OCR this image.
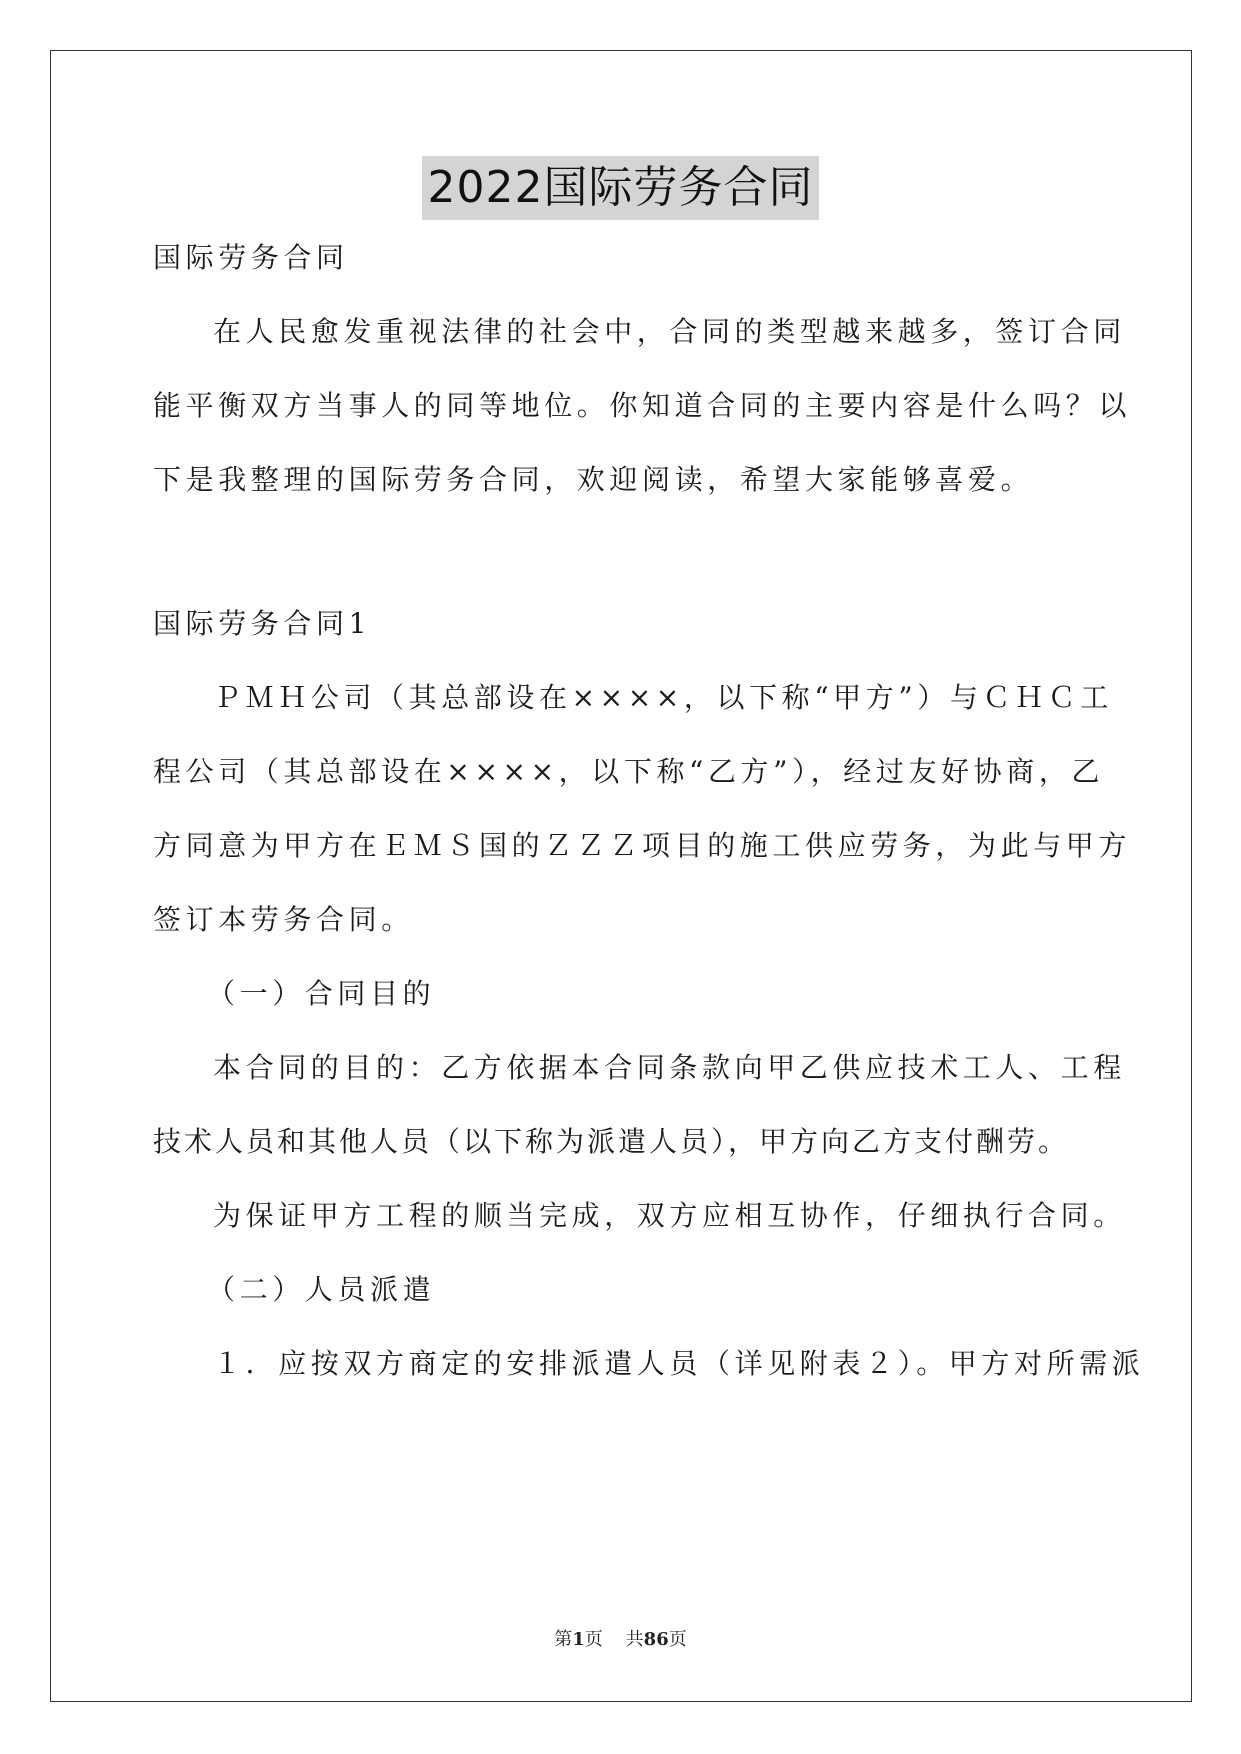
2022国际劳务合同
国际劳务合同
在人民愈发重视法律的社会中，合同的类型越来越多，签订合同
能平衡双方当事人的同等地位。你知道合同的主要内容是什么吗？以
下是我整理的国际劳务合同，欢迎阅读，希望大家能够喜爱。
国际劳务合同1
ＰＭＨ公司（其总部设在××××，以下称“甲方”）与ＣＨＣ工
程公司（其总部设在××××，以下称“乙方”），经过友好协商，乙
方同意为甲方在ＥＭＳ国的ＺＺＺ项目的施工供应劳务，为此与甲方
签订本劳务合同。
（一）合同目的
本合同的目的：乙方依据本合同条款向甲乙供应技术工人、工程
技术人员和其他人员（以下称为派遣人员），甲方向乙方支付酬劳。
为保证甲方工程的顺当完成，双方应相互协作，仔细执行合同。
（二）人员派遣
１．应按双方商定的安排派遣人员（详见附表２）。甲方对所需派
第1页    共86页
